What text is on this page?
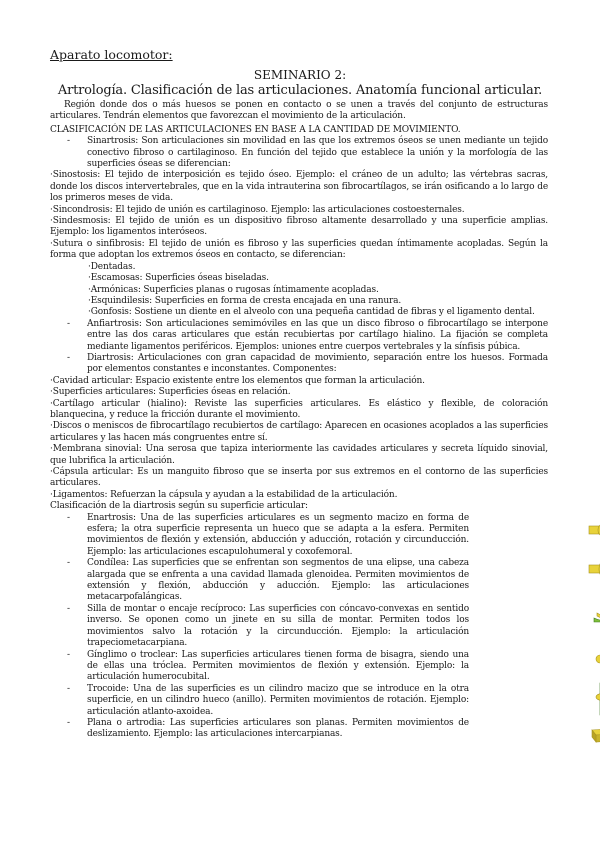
Aparato locomotor:
SEMINARIO 2:
Artrología. Clasificación de las articulaciones. Anatomía funcional articular.

Región donde dos o más huesos se ponen en contacto o se unen a través del conjunto de estructuras articulares. Tendrán elementos que favorezcan el movimiento de la articulación.

CLASIFICACIÓN DE LAS ARTICULACIONES EN BASE A LA CANTIDAD DE MOVIMIENTO.

- Sinartrosis: Son articulaciones sin movilidad en las que los extremos óseos se unen mediante un tejido conectivo fibroso o cartilaginoso. En función del tejido que establece la unión y la morfología de las superficies óseas se diferencian:

·Sinostosis: El tejido de interposición es tejido óseo. Ejemplo: el cráneo de un adulto; las vértebras sacras, donde los discos intervertebrales, que en la vida intrauterina son fibrocartílagos, se irán osificando a lo largo de los primeros meses de vida.

·Sincondrosis: El tejido de unión es cartilaginoso. Ejemplo: las articulaciones costoesternales.

·Sindesmosis: El tejido de unión es un dispositivo fibroso altamente desarrollado y una superficie amplias. Ejemplo: los ligamentos interóseos.

·Sutura o sinfibrosis: El tejido de unión es fibroso y las superficies quedan íntimamente acopladas. Según la forma que adoptan los extremos óseos en contacto, se diferencian:

·Dentadas.

·Escamosas: Superficies óseas biseladas.

·Armónicas: Superficies planas o rugosas íntimamente acopladas.

·Esquindilesis: Superficies en forma de cresta encajada en una ranura.

·Gonfosis: Sostiene un diente en el alveolo con una pequeña cantidad de fibras y el ligamento dental.

- Anfiartrosis: Son articulaciones semimóviles en las que un disco fibroso o fibrocartílago se interpone entre las dos caras articulares que están recubiertas por cartílago hialino. La fijación se completa mediante ligamentos periféricos. Ejemplos: uniones entre cuerpos vertebrales y la sínfisis púbica.
- Diartrosis: Articulaciones con gran capacidad de movimiento, separación entre los huesos. Formada por elementos constantes e inconstantes. Componentes:

·Cavidad articular: Espacio existente entre los elementos que forman la articulación.

·Superficies articulares: Superficies óseas en relación.

·Cartílago articular (hialino): Reviste las superficies articulares. Es elástico y flexible, de coloración blanquecina, y reduce la fricción durante el movimiento.

·Discos o meniscos de fibrocartílago recubiertos de cartílago: Aparecen en ocasiones acoplados a las superficies articulares y las hacen más congruentes entre sí.

·Membrana sinovial: Una serosa que tapiza interiormente las cavidades articulares y secreta líquido sinovial, que lubrifica la articulación.

·Cápsula articular: Es un manguito fibroso que se inserta por sus extremos en el contorno de las superficies articulares.

·Ligamentos: Refuerzan la cápsula y ayudan a la estabilidad de la articulación.

Clasificación de la diartrosis según su superficie articular:

- Enartrosis: Una de las superficies articulares es un segmento macizo en forma de esfera; la otra superficie representa un hueco que se adapta a la esfera. Permiten movimientos de flexión y extensión, abducción y aducción, rotación y circunducción. Ejemplo: las articulaciones escapulohumeral y coxofemoral.
- Condílea: Las superficies que se enfrentan son segmentos de una elipse, una cabeza alargada que se enfrenta a una cavidad llamada glenoidea. Permiten movimientos de extensión y flexión, abducción y aducción. Ejemplo: las articulaciones metacarpofalángicas.
- Silla de montar o encaje recíproco: Las superficies con cóncavo-convexas en sentido inverso. Se oponen como un jinete en su silla de montar. Permiten todos los movimientos salvo la rotación y la circunducción. Ejemplo: la articulación trapeciometacarpiana.
- Gínglimo o troclear: Las superficies articulares tienen forma de bisagra, siendo una de ellas una tróclea. Permiten movimientos de flexión y extensión. Ejemplo: la articulación humerocubital.
- Trocoide: Una de las superficies es un cilindro macizo que se introduce en la otra superficie, en un cilindro hueco (anillo). Permiten movimientos de rotación. Ejemplo: articulación atlanto-axoidea.
- Plana o artrodia: Las superficies articulares son planas. Permiten movimientos de deslizamiento. Ejemplo: las articulaciones intercarpianas.
